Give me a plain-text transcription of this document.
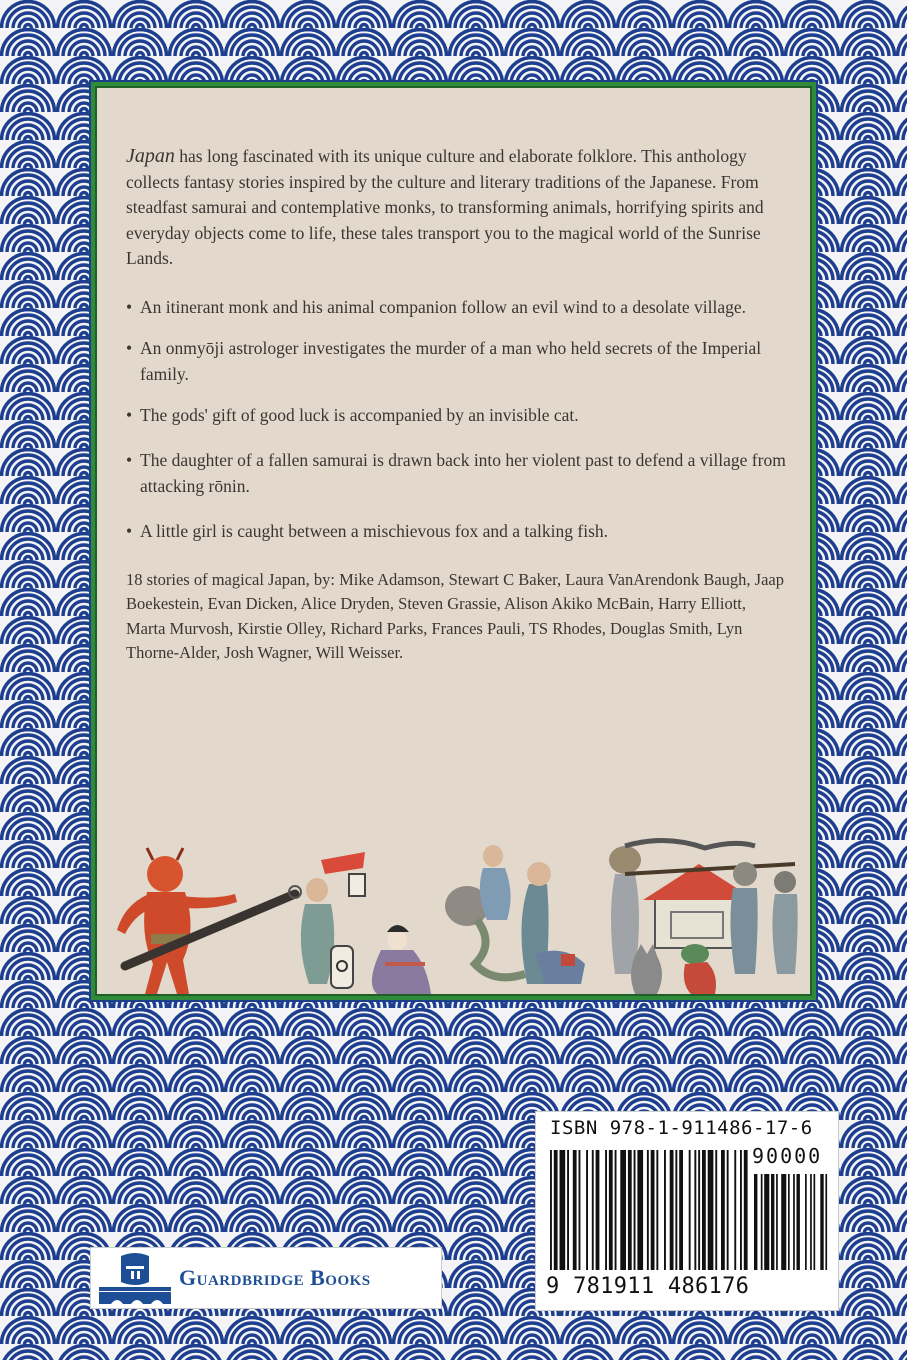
Japan has long fascinated with its unique culture and elaborate folklore. This anthology collects fantasy stories inspired by the culture and literary traditions of the Japanese. From steadfast samurai and contemplative monks, to transforming animals, horrifying spirits and everyday objects come to life, these tales transport you to the magical world of the Sunrise Lands.

• An itinerant monk and his animal companion follow an evil wind to a desolate village.
• An onmyōji astrologer investigates the murder of a man who held secrets of the Imperial family.
• The gods' gift of good luck is accompanied by an invisible cat.
• The daughter of a fallen samurai is drawn back into her violent past to defend a village from attacking rōnin.
• A little girl is caught between a mischievous fox and a talking fish.

18 stories of magical Japan, by: Mike Adamson, Stewart C Baker, Laura VanArendonk Baugh, Jaap Boekestein, Evan Dicken, Alice Dryden, Steven Grassie, Alison Akiko McBain, Harry Elliott, Marta Murvosh, Kirstie Olley, Richard Parks, Frances Pauli, TS Rhodes, Douglas Smith, Lyn Thorne-Alder, Josh Wagner, Will Weisser.

ISBN 978-1-911486-17-6
90000
9 781911 486176
Guardbridge Books
